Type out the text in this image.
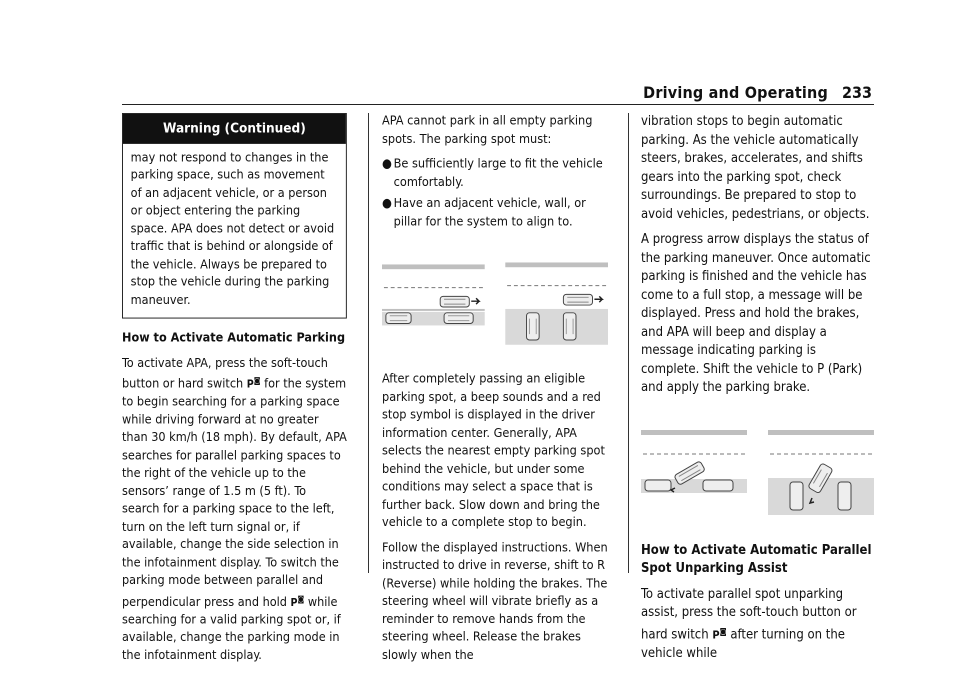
Driving and Operating 233
Warning (Continued)
may not respond to changes in the parking space, such as movement of an adjacent vehicle, or a person or object entering the parking space. APA does not detect or avoid traffic that is behind or alongside of the vehicle. Always be prepared to stop the vehicle during the parking maneuver.

How to Activate Automatic Parking

To activate APA, press the soft-touch button or hard switch P◙ for the system to begin searching for a parking space while driving forward at no greater than 30 km/h (18 mph). By default, APA searches for parallel parking spaces to the right of the vehicle up to the sensors’ range of 1.5 m (5 ft). To search for a parking space to the left, turn on the left turn signal or, if available, change the side selection in the infotainment display. To switch the parking mode between parallel and perpendicular press and hold P◙ while searching for a valid parking spot or, if available, change the parking mode in the infotainment display.

APA cannot park in all empty parking spots. The parking spot must:

● Be sufficiently large to fit the vehicle comfortably.
● Have an adjacent vehicle, wall, or pillar for the system to align to.

After completely passing an eligible parking spot, a beep sounds and a red stop symbol is displayed in the driver information center. Generally, APA selects the nearest empty parking spot behind the vehicle, but under some conditions may select a space that is further back. Slow down and bring the vehicle to a complete stop to begin.

Follow the displayed instructions. When instructed to drive in reverse, shift to R (Reverse) while holding the brakes. The steering wheel will vibrate briefly as a reminder to remove hands from the steering wheel. Release the brakes slowly when the

vibration stops to begin automatic parking. As the vehicle automatically steers, brakes, accelerates, and shifts gears into the parking spot, check surroundings. Be prepared to stop to avoid vehicles, pedestrians, or objects.

A progress arrow displays the status of the parking maneuver. Once automatic parking is finished and the vehicle has come to a full stop, a message will be displayed. Press and hold the brakes, and APA will beep and display a message indicating parking is complete. Shift the vehicle to P (Park) and apply the parking brake.

How to Activate Automatic Parallel Spot Unparking Assist

To activate parallel spot unparking assist, press the soft-touch button or hard switch P◙ after turning on the vehicle while
